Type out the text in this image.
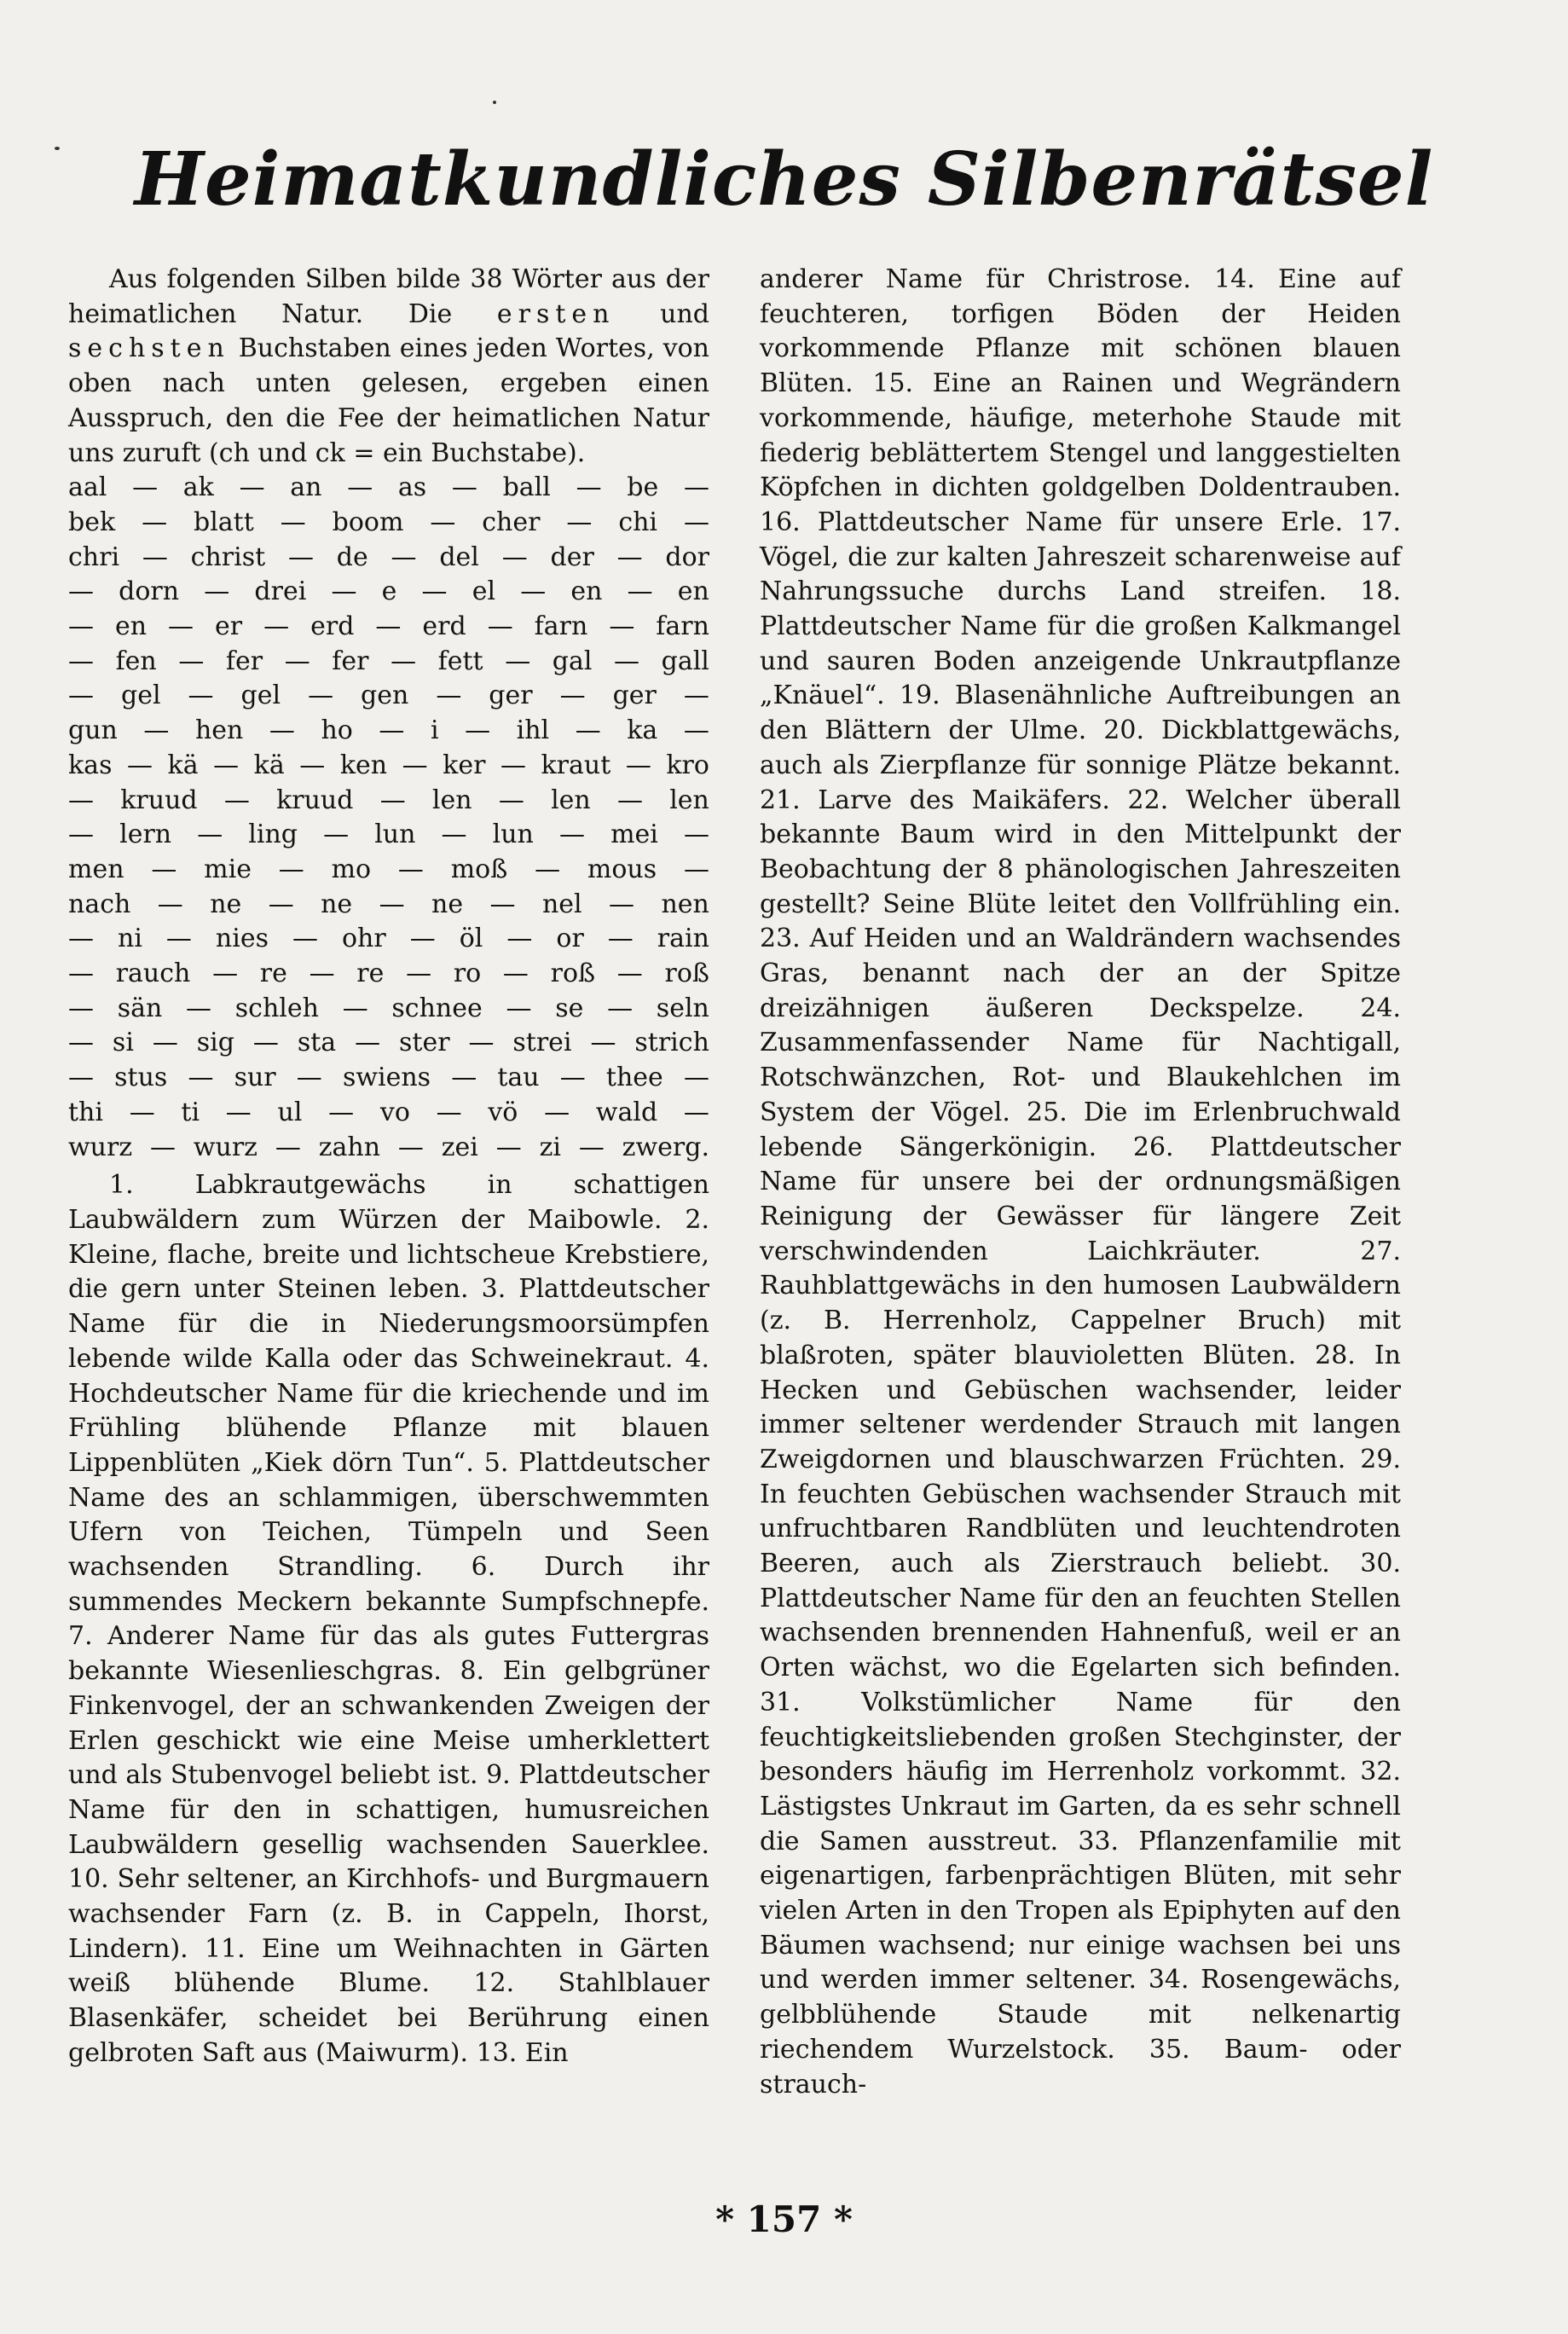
Heimatkundliches Silbenrätsel

Aus folgenden Silben bilde 38 Wörter aus der heimatlichen Natur. Die ersten und sechsten Buchstaben eines jeden Wortes, von oben nach unten gelesen, ergeben einen Ausspruch, den die Fee der heimatlichen Natur uns zuruft (ch und ck = ein Buchstabe).

aal — ak — an — as — ball — be —
bek — blatt — boom — cher — chi —
chri — christ — de — del — der — dor
— dorn — drei — e — el — en — en
— en — er — erd — erd — farn — farn
— fen — fer — fer — fett — gal — gall
— gel — gel — gen — ger — ger —
gun — hen — ho — i — ihl — ka —
kas — kä — kä — ken — ker — kraut — kro
— kruud — kruud — len — len — len
— lern — ling — lun — lun — mei —
men — mie — mo — moß — mous —
nach — ne — ne — ne — nel — nen
— ni — nies — ohr — öl — or — rain
— rauch — re — re — ro — roß — roß
— sän — schleh — schnee — se — seln
— si — sig — sta — ster — strei — strich
— stus — sur — swiens — tau — thee —
thi — ti — ul — vo — vö — wald —
wurz — wurz — zahn — zei — zi — zwerg.

1. Labkrautgewächs in schattigen Laubwäldern zum Würzen der Maibowle. 2. Kleine, flache, breite und lichtscheue Krebstiere, die gern unter Steinen leben. 3. Plattdeutscher Name für die in Niederungsmoorsümpfen lebende wilde Kalla oder das Schweinekraut. 4. Hochdeutscher Name für die kriechende und im Frühling blühende Pflanze mit blauen Lippenblüten „Kiek dörn Tun“. 5. Plattdeutscher Name des an schlammigen, überschwemmten Ufern von Teichen, Tümpeln und Seen wachsenden Strandling. 6. Durch ihr summendes Meckern bekannte Sumpfschnepfe. 7. Anderer Name für das als gutes Futtergras bekannte Wiesenlieschgras. 8. Ein gelbgrüner Finkenvogel, der an schwankenden Zweigen der Erlen geschickt wie eine Meise umherklettert und als Stubenvogel beliebt ist. 9. Plattdeutscher Name für den in schattigen, humusreichen Laubwäldern gesellig wachsenden Sauerklee. 10. Sehr seltener, an Kirchhofs- und Burgmauern wachsender Farn (z. B. in Cappeln, Ihorst, Lindern). 11. Eine um Weihnachten in Gärten weiß blühende Blume. 12. Stahlblauer Blasenkäfer, scheidet bei Berührung einen gelbroten Saft aus (Maiwurm). 13. Ein

anderer Name für Christrose. 14. Eine auf feuchteren, torfigen Böden der Heiden vorkommende Pflanze mit schönen blauen Blüten. 15. Eine an Rainen und Wegrändern vorkommende, häufige, meterhohe Staude mit fiederig beblättertem Stengel und langgestielten Köpfchen in dichten goldgelben Doldentrauben. 16. Plattdeutscher Name für unsere Erle. 17. Vögel, die zur kalten Jahreszeit scharenweise auf Nahrungssuche durchs Land streifen. 18. Plattdeutscher Name für die großen Kalkmangel und sauren Boden anzeigende Unkrautpflanze „Knäuel“. 19. Blasenähnliche Auftreibungen an den Blättern der Ulme. 20. Dickblattgewächs, auch als Zierpflanze für sonnige Plätze bekannt. 21. Larve des Maikäfers. 22. Welcher überall bekannte Baum wird in den Mittelpunkt der Beobachtung der 8 phänologischen Jahreszeiten gestellt? Seine Blüte leitet den Vollfrühling ein. 23. Auf Heiden und an Waldrändern wachsendes Gras, benannt nach der an der Spitze dreizähnigen äußeren Deckspelze. 24. Zusammenfassender Name für Nachtigall, Rotschwänzchen, Rot- und Blaukehlchen im System der Vögel. 25. Die im Erlenbruchwald lebende Sängerkönigin. 26. Plattdeutscher Name für unsere bei der ordnungsmäßigen Reinigung der Gewässer für längere Zeit verschwindenden Laichkräuter. 27. Rauhblattgewächs in den humosen Laubwäldern (z. B. Herrenholz, Cappelner Bruch) mit blaßroten, später blauvioletten Blüten. 28. In Hecken und Gebüschen wachsender, leider immer seltener werdender Strauch mit langen Zweigdornen und blauschwarzen Früchten. 29. In feuchten Gebüschen wachsender Strauch mit unfruchtbaren Randblüten und leuchtendroten Beeren, auch als Zierstrauch beliebt. 30. Plattdeutscher Name für den an feuchten Stellen wachsenden brennenden Hahnenfuß, weil er an Orten wächst, wo die Egelarten sich befinden. 31. Volkstümlicher Name für den feuchtigkeitsliebenden großen Stechginster, der besonders häufig im Herrenholz vorkommt. 32. Lästigstes Unkraut im Garten, da es sehr schnell die Samen ausstreut. 33. Pflanzenfamilie mit eigenartigen, farbenprächtigen Blüten, mit sehr vielen Arten in den Tropen als Epiphyten auf den Bäumen wachsend; nur einige wachsen bei uns und werden immer seltener. 34. Rosengewächs, gelbblühende Staude mit nelkenartig riechendem Wurzelstock. 35. Baum- oder strauch-

* 157 *
